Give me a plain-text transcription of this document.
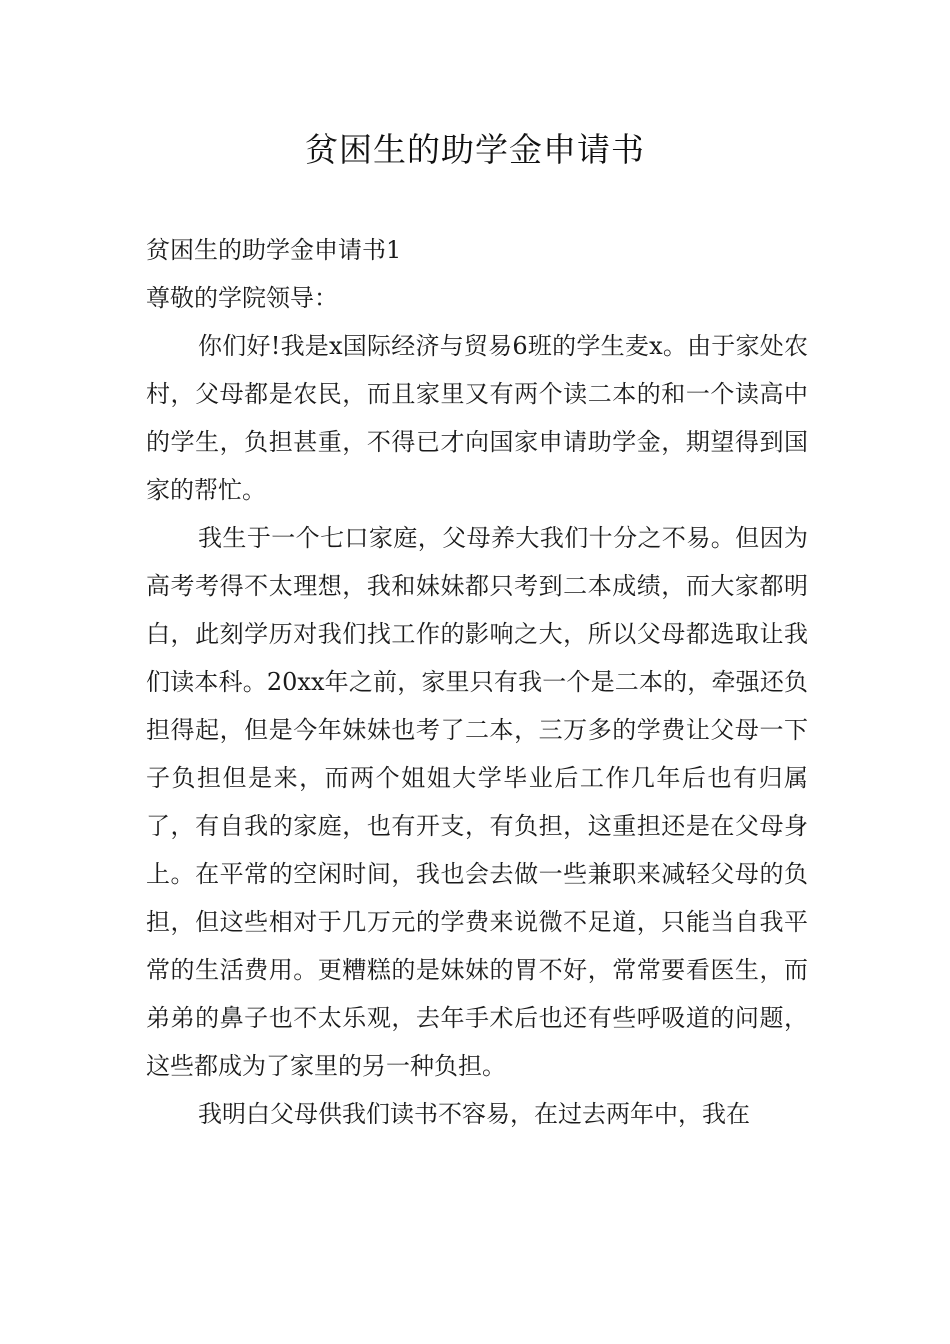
贫困生的助学金申请书

贫困生的助学金申请书1

尊敬的学院领导：

你们好!我是x国际经济与贸易6班的学生麦x。由于家处农村，父母都是农民，而且家里又有两个读二本的和一个读高中的学生，负担甚重，不得已才向国家申请助学金，期望得到国家的帮忙。

我生于一个七口家庭，父母养大我们十分之不易。但因为高考考得不太理想，我和妹妹都只考到二本成绩，而大家都明白，此刻学历对我们找工作的影响之大，所以父母都选取让我们读本科。20xx年之前，家里只有我一个是二本的，牵强还负担得起，但是今年妹妹也考了二本，三万多的学费让父母一下子负担但是来，而两个姐姐大学毕业后工作几年后也有归属了，有自我的家庭，也有开支，有负担，这重担还是在父母身上。在平常的空闲时间，我也会去做一些兼职来减轻父母的负担，但这些相对于几万元的学费来说微不足道，只能当自我平常的生活费用。更糟糕的是妹妹的胃不好，常常要看医生，而弟弟的鼻子也不太乐观，去年手术后也还有些呼吸道的问题，这些都成为了家里的另一种负担。

我明白父母供我们读书不容易，在过去两年中，我在
